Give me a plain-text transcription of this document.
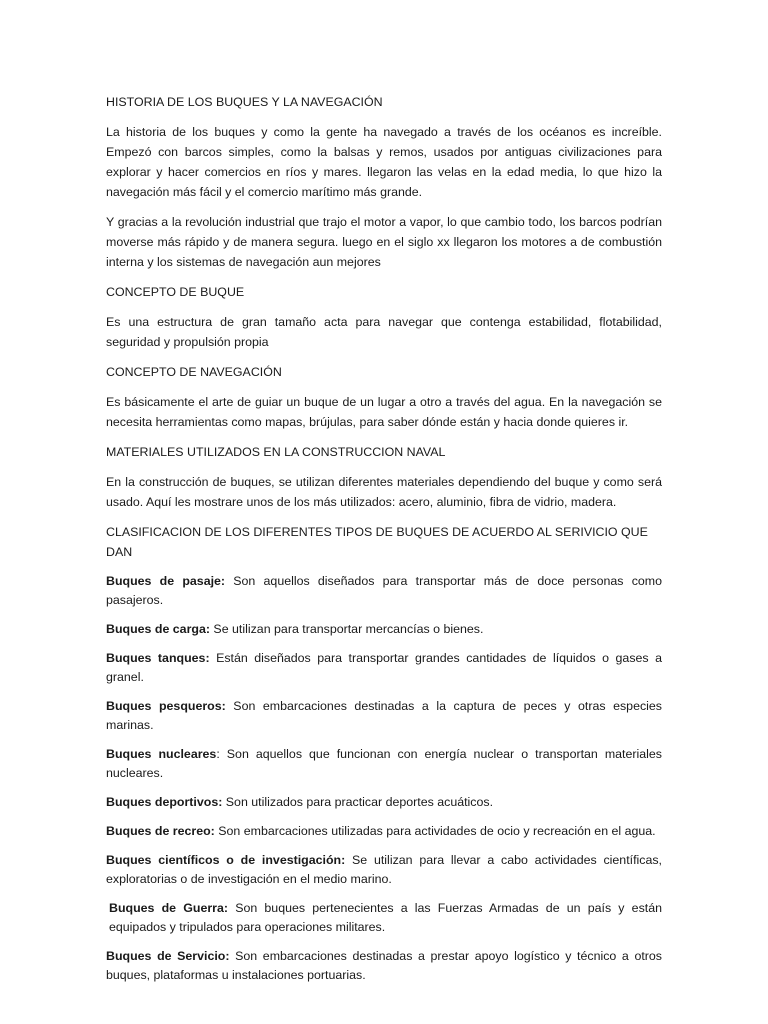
HISTORIA DE LOS BUQUES Y LA NAVEGACIÓN
La historia de los buques y como la gente ha navegado a través de los océanos es increíble. Empezó con barcos simples, como la balsas y remos, usados por antiguas civilizaciones para explorar y hacer comercios en ríos y mares. llegaron las velas en la edad media, lo que hizo la navegación más fácil y el comercio marítimo más grande.
Y gracias a la revolución industrial que trajo el motor a vapor, lo que cambio todo, los barcos podrían moverse más rápido y de manera segura. luego en el siglo xx llegaron los motores a de combustión interna y los sistemas de navegación aun mejores
CONCEPTO DE BUQUE
Es una estructura de gran tamaño acta para navegar que contenga estabilidad, flotabilidad, seguridad y propulsión propia
CONCEPTO DE NAVEGACIÓN
Es básicamente el arte de guiar un buque de un lugar a otro a través del agua. En la navegación se necesita herramientas como mapas, brújulas, para saber dónde están y hacia donde quieres ir.
MATERIALES UTILIZADOS EN LA CONSTRUCCION NAVAL
En la construcción de buques, se utilizan diferentes materiales dependiendo del buque y como será usado. Aquí les mostrare unos de los más utilizados: acero, aluminio, fibra de vidrio, madera.
CLASIFICACION DE LOS DIFERENTES TIPOS DE BUQUES DE ACUERDO AL SERIVICIO QUE DAN
Buques de pasaje: Son aquellos diseñados para transportar más de doce personas como pasajeros.
Buques de carga: Se utilizan para transportar mercancías o bienes.
Buques tanques: Están diseñados para transportar grandes cantidades de líquidos o gases a granel.
Buques pesqueros: Son embarcaciones destinadas a la captura de peces y otras especies marinas.
Buques nucleares: Son aquellos que funcionan con energía nuclear o transportan materiales nucleares.
Buques deportivos: Son utilizados para practicar deportes acuáticos.
Buques de recreo: Son embarcaciones utilizadas para actividades de ocio y recreación en el agua.
Buques científicos o de investigación: Se utilizan para llevar a cabo actividades científicas, exploratorias o de investigación en el medio marino.
Buques de Guerra: Son buques pertenecientes a las Fuerzas Armadas de un país y están equipados y tripulados para operaciones militares.
Buques de Servicio: Son embarcaciones destinadas a prestar apoyo logístico y técnico a otros buques, plataformas u instalaciones portuarias.
